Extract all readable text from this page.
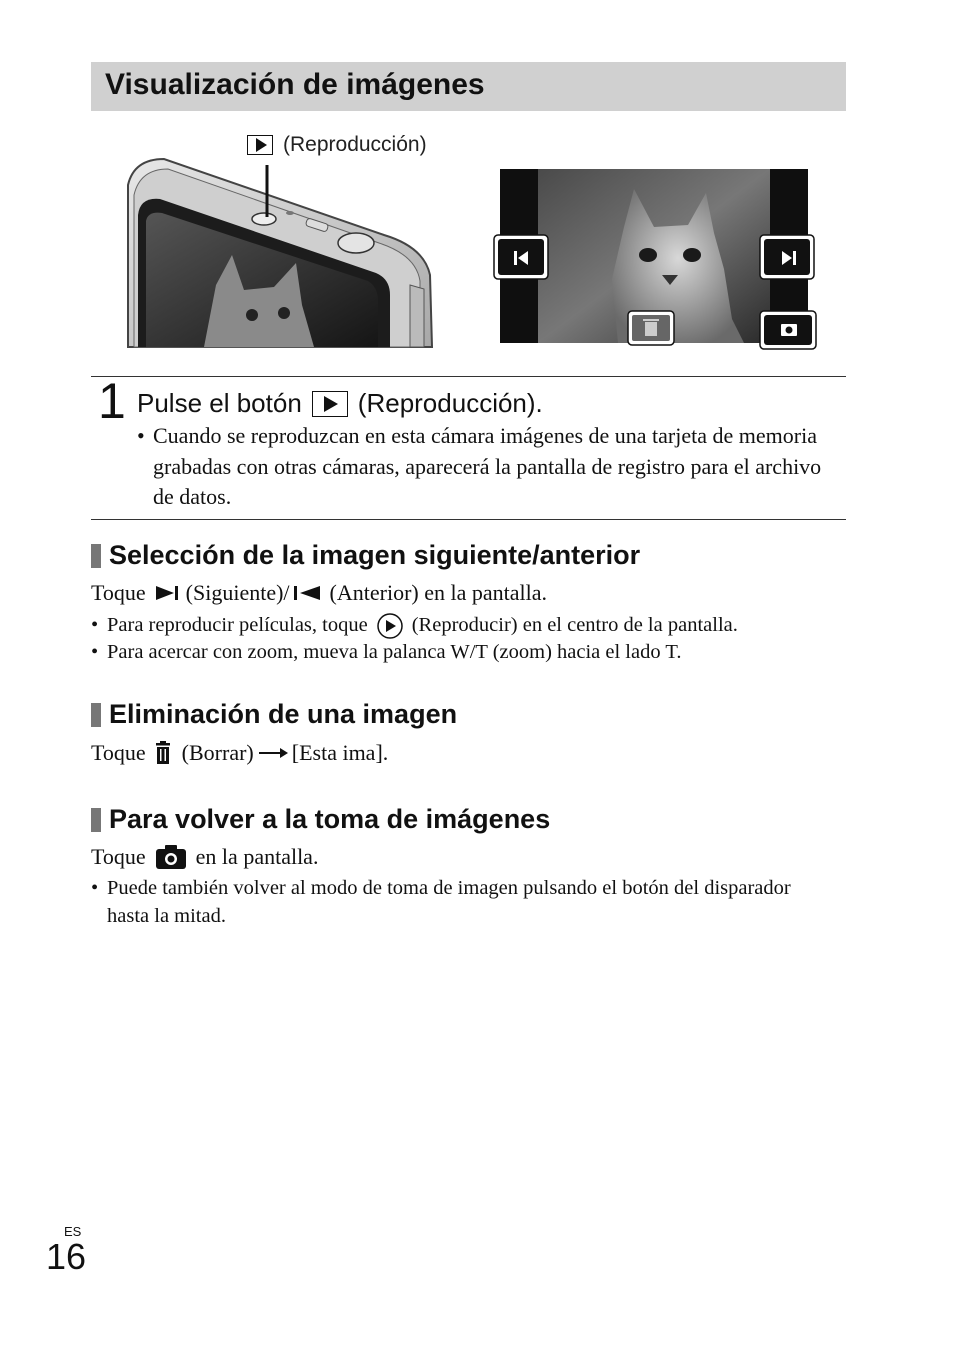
Visualización de imágenes
(Reproducción)
1 Pulse el botón (Reproducción).
• Cuando se reproduzcan en esta cámara imágenes de una tarjeta de memoria grabadas con otras cámaras, aparecerá la pantalla de registro para el archivo de datos.
Selección de la imagen siguiente/anterior
Toque (Siguiente)/ (Anterior) en la pantalla.
• Para reproducir películas, toque (Reproducir) en el centro de la pantalla.
• Para acercar con zoom, mueva la palanca W/T (zoom) hacia el lado T.
Eliminación de una imagen
Toque (Borrar) [Esta ima].
Para volver a la toma de imágenes
Toque en la pantalla.
• Puede también volver al modo de toma de imagen pulsando el botón del disparador hasta la mitad.
ES
16
